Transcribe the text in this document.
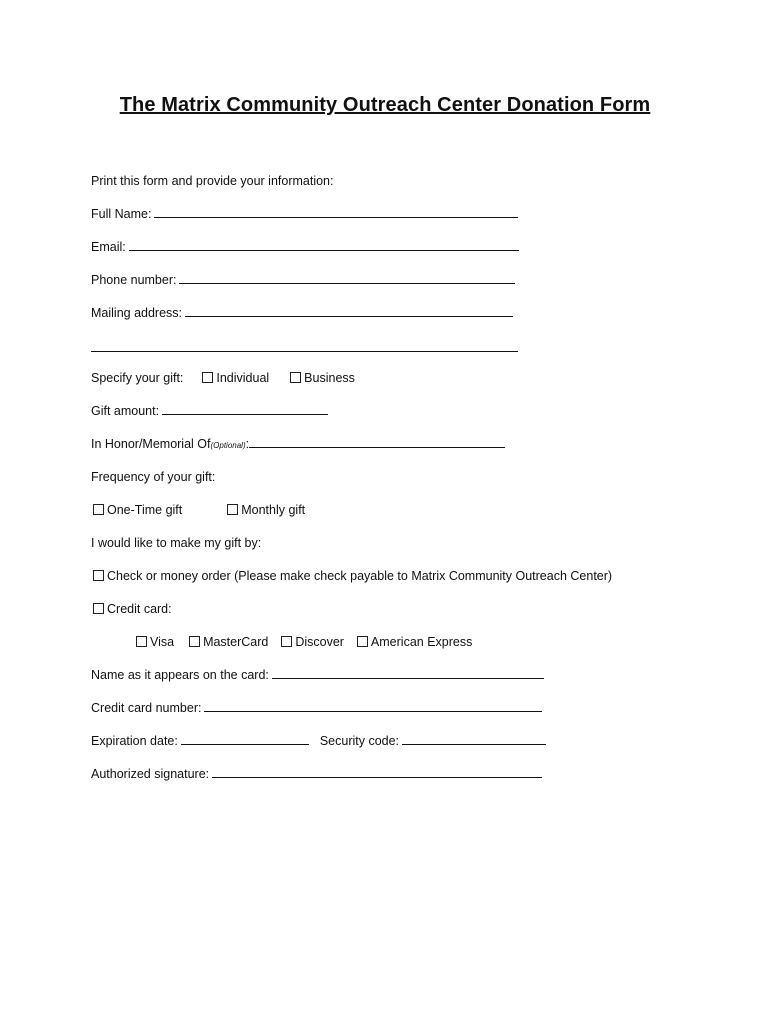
The Matrix Community Outreach Center Donation Form
Print this form and provide your information:
Full Name:
Email:
Phone number:
Mailing address:
Specify your gift:	Individual	Business
Gift amount:
In Honor/Memorial Of(Optional):
Frequency of your gift:
One-Time gift	Monthly gift
I would like to make my gift by:
Check or money order (Please make check payable to Matrix Community Outreach Center)
Credit card:
Visa MasterCard Discover American Express
Name as it appears on the card:
Credit card number:
Expiration date:	Security code:
Authorized signature:
